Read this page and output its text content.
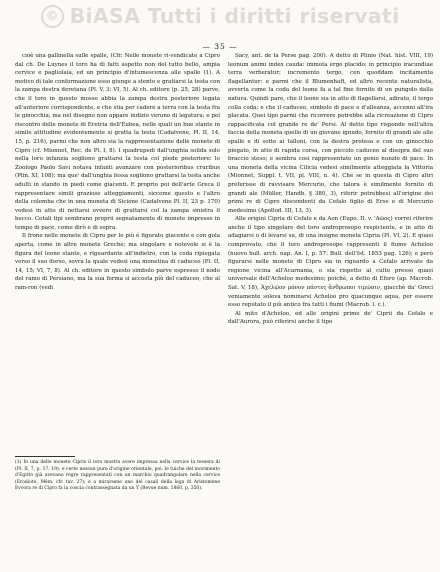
© BiASA Tutti i diritti riservati
— 35 —

cioè una gallinella sulle spalle, (Cfr. Nelle monete ri-vendicate a Cipro dal ch. De Luynes il toro ha di fatti aspetto non del tutto bello, ampia cervice e pagliolaia, ed un principio d'intumescenza alle spalle (1). A motivo di tale conformazione esso giunge a stento e gratiarsi la testa con la zampa destra deretana (Pl. V, 3; VI, 5). Al ch. editore (p. 25, 28) parve, che il toro in questo mosso abbia la zampa destra posteriore legata all'anteriore corrispondente, e che stia per cadere a terra con la testa fra le ginocchia; ma nel disegno non appare indizio veruno di legatura; e pel riscontro delle monete di Eretria dell'Eubea, nelle quali un bue stante in simile attitudine evidentemente si gratta la testa (Cadalvene, Pl. II, 14, 15, p. 216), parmi che non altro sia la rappresentazione delle monete di Cipro (cf. Mionnet, Rec. de Pl. I, 8). I quadrupedi dall'unghia solida solo nella loro infanzia sogliono grattarsi la testa col piede posteriore: lo Zoologo Paolo Savi notava infanti avanzare con posterioribus cruribus (Plin. XI, 108); ma que' dall'unghia fessa sogliono grattarsi la testa anche adulti in stando in piedi come giacenti. E proprio poi dell'arte Greca il rappresentare simili graziose atteggiamenti, siccome questo e l'altro della colomba che in una moneta di Sicione (Cadalvene Pl. II, 23 p. 170) vedesi in atto di nettarsi ovvero di grattarsi col la zampa sinistra il becco. Cotali tipi sembrano proprii segnatamente di monete impresse in tempo di pace, come dirò e di sopra.

Il frone nelle monete di Cipro per lo più è figurato giacente e con gola aperta, come in altre monete Greche; ma singolare e notevole si è la figura del leone stante, e riguardante all'indietro, con la coda ripiegata verso il suo dorso, sovra la quale vedesi una monetina di caduceo (Pl. II, 14, 15; VI, 7, 8). Al ch. editore in questo simbolo parve espresso il nodo del ramo di Persiano, ma la sua forma si accosta più del caduceo, che al ram-ron (vedi

Sacy, ant. de la Perse pag. 200). A detto di Plinio (Nat. hist. VIII, 19) leonum animi index cauda: immota ergo placido: in principio iracundiae terra verberatur; incremento tergo, cen quoddam incitamenta flagellantur: e parmi che il Blumenhaft, ed altro recente naturalista, avverta come la coda del leone fa a tal fine fornito di un pungolo dalla natura. Quindi pare, che il leone sia in atto di flagellarsi, adirato, il tergo colla coda; e che il caduceo, simbolo di pace e d'alleanza, accenni all'ira placata. Quei tipo parmi che ricorrere potrebbe alla ricreazione di Cipro rappacificata col grande re de' Persi. Al detto tipo risponde nell'altra faccia della moneta quello di un giovane ignudo, fornito di grandi ale alle spalle e di sotte ai talloni, con la destra protesa e con un ginocchio piegato, in atto di rapida corsa, con piccolo caduceo al disopra del suo braccio steso; e sembra cosi rappresentato un genio nunzio di pace. In una moneta della vicina Cilicia vedesi similmente atteggiata la Vittoria (Mionnet, Suppl. t. VII, pl. VIII, n. 4). Che se in questa di Cipro altri preferisse di ravvisare Mercurio, che talora è similmente fornito di grandi ale (Müller, Handb. § 380, 3), riferir potrebbesi all'origine dei primi re di Cipro discendenti da Cefalo figlio di Erse e di Mercurio medesimo (Apollod. III, 13, 3).

Alle origini Cipria di Cefalo e da Aon (Eupo. II. v. 'Αῶος) vorrei riferire anche il tipo singolare del toro androprosopo respiciente, e in atto di adagiarsi o di levarsi su, di una insigne moneta Cipria (Pl. VI, 2). E quasi comprovato, che il toro androprosopo rappresenti il fiume Acheloo (nuovo bull. arch. nap. An. I, p. 57: Bull. dell'Ist. 1853 pag. 126); e però figurarsi nelle monete di Cipro sia in riguardo a Cefalo arrivato da regione vicina all'Acarnania, o sia rispetto al culto presso quasi universale dell'Acheloo medesimo; poichè, a detto di Eforo (ap. Macrob. Sat. V, 18), Ἀχελῷον μόνον πάντες ἄνθρωποι τιμῶσιν, giacchè da' Greci veniamente soleva nominarsi Acheloo pro quacunque aqua, per essere esso reputato il più antico fra tutti i fiumi (Macrob. l. c.).

Al mito d'Acheloo, ed alle origini prime de' Ciprii da Cefalo e dall'Aurora, può riferirsi anche il tipo

(1) In una delle monete Cipris il toro mostra avere impressa nella cervice la tessera di (Pl. II, 7, p. 17, 19); e certe nessun pure d'origine orientale, poi. le tuiche del movimento d'Egitto già avevano regre rappresentati con un marchio quadrangolare nella cervice (Erodiote, Mém. cfr. tav. 27); e a mirarsene uno dei casali della lega di Aristomene Evvora re di Cipro fa la coscia contrassegnata da un Y (Revue num. 1860, p. 350).
